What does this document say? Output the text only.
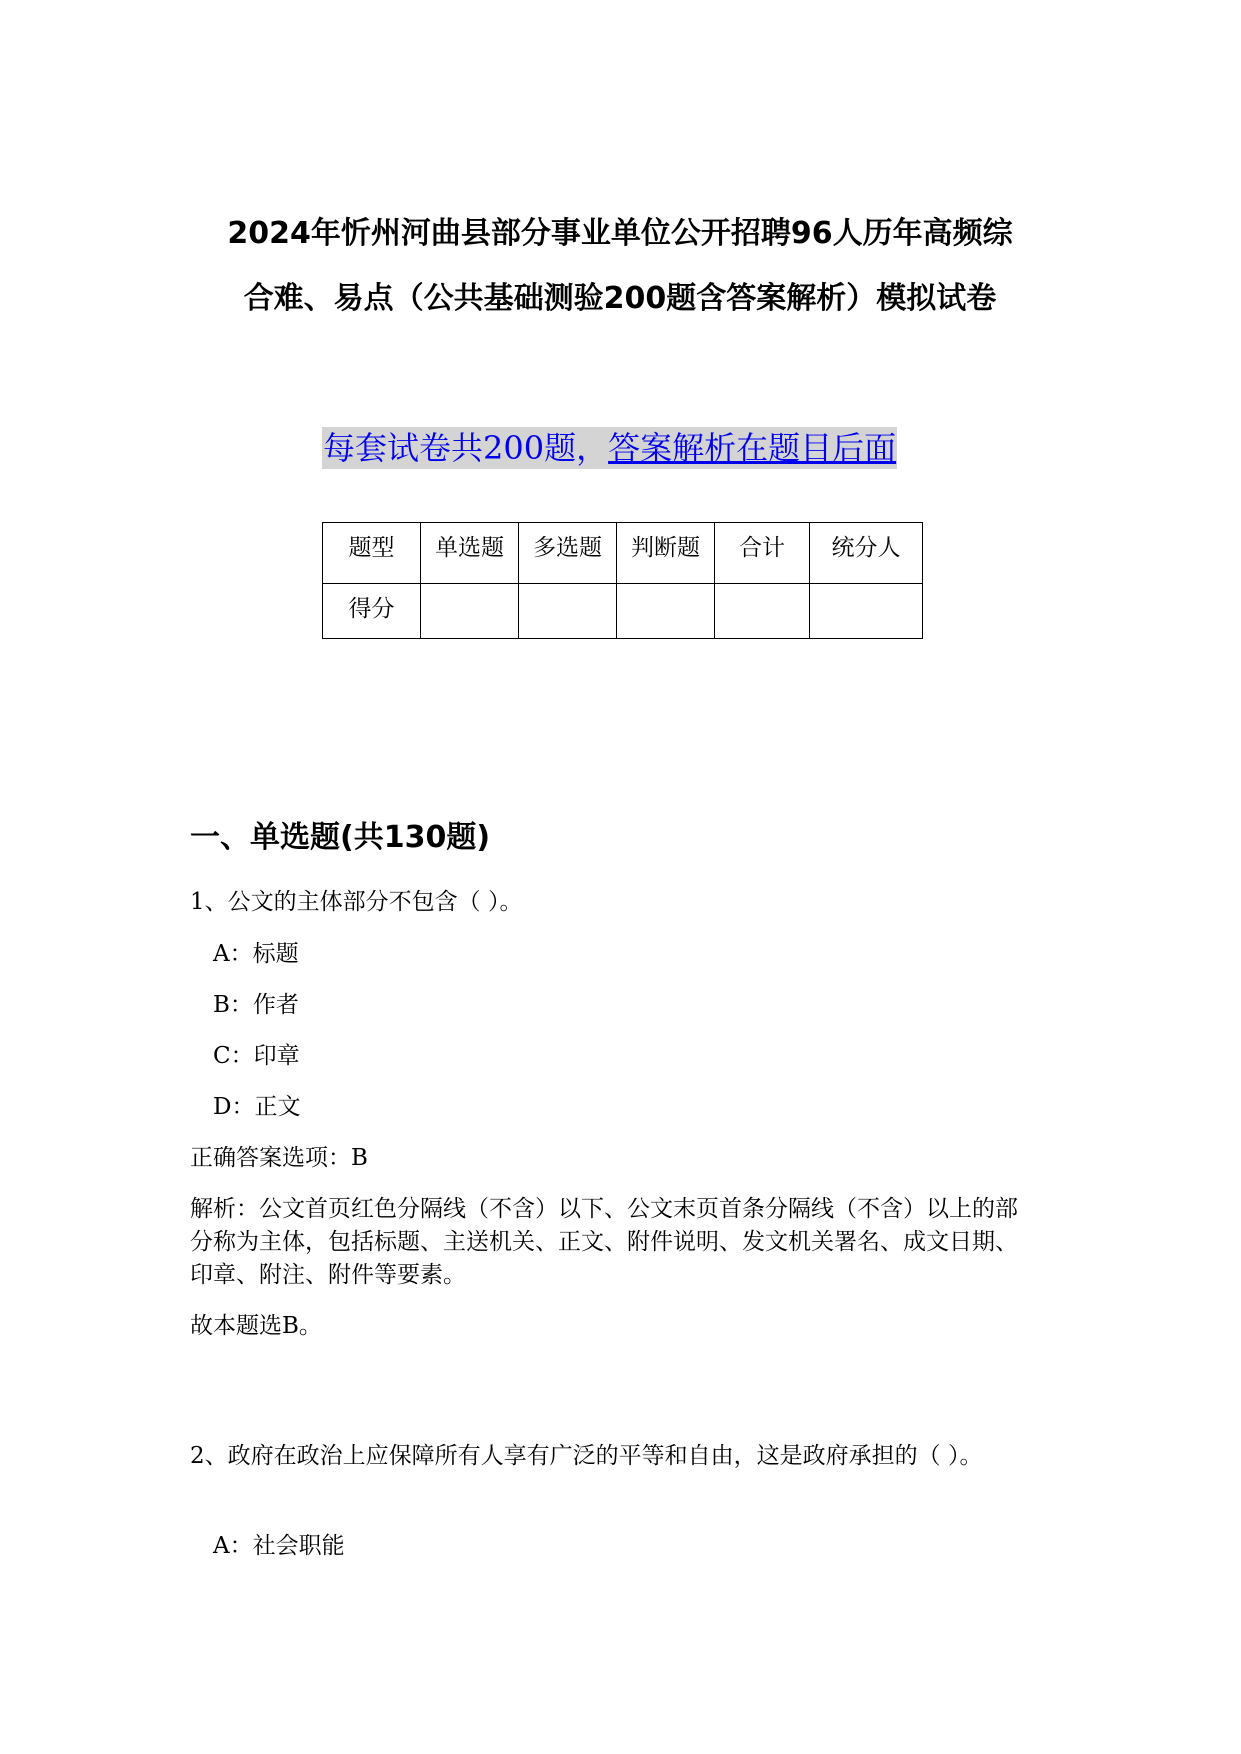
2024年忻州河曲县部分事业单位公开招聘96人历年高频综
合难、易点（公共基础测验200题含答案解析）模拟试卷
每套试卷共200题，答案解析在题目后面
题型	单选题	多选题	判断题	合计	统分人
得分					
一、单选题(共130题)
1、公文的主体部分不包含（ ）。
A：标题
B：作者
C：印章
D：正文
正确答案选项：B
解析：公文首页红色分隔线（不含）以下、公文末页首条分隔线（不含）以上的部分称为主体，包括标题、主送机关、正文、附件说明、发文机关署名、成文日期、印章、附注、附件等要素。
故本题选B。
2、政府在政治上应保障所有人享有广泛的平等和自由，这是政府承担的（ ）。
A：社会职能
